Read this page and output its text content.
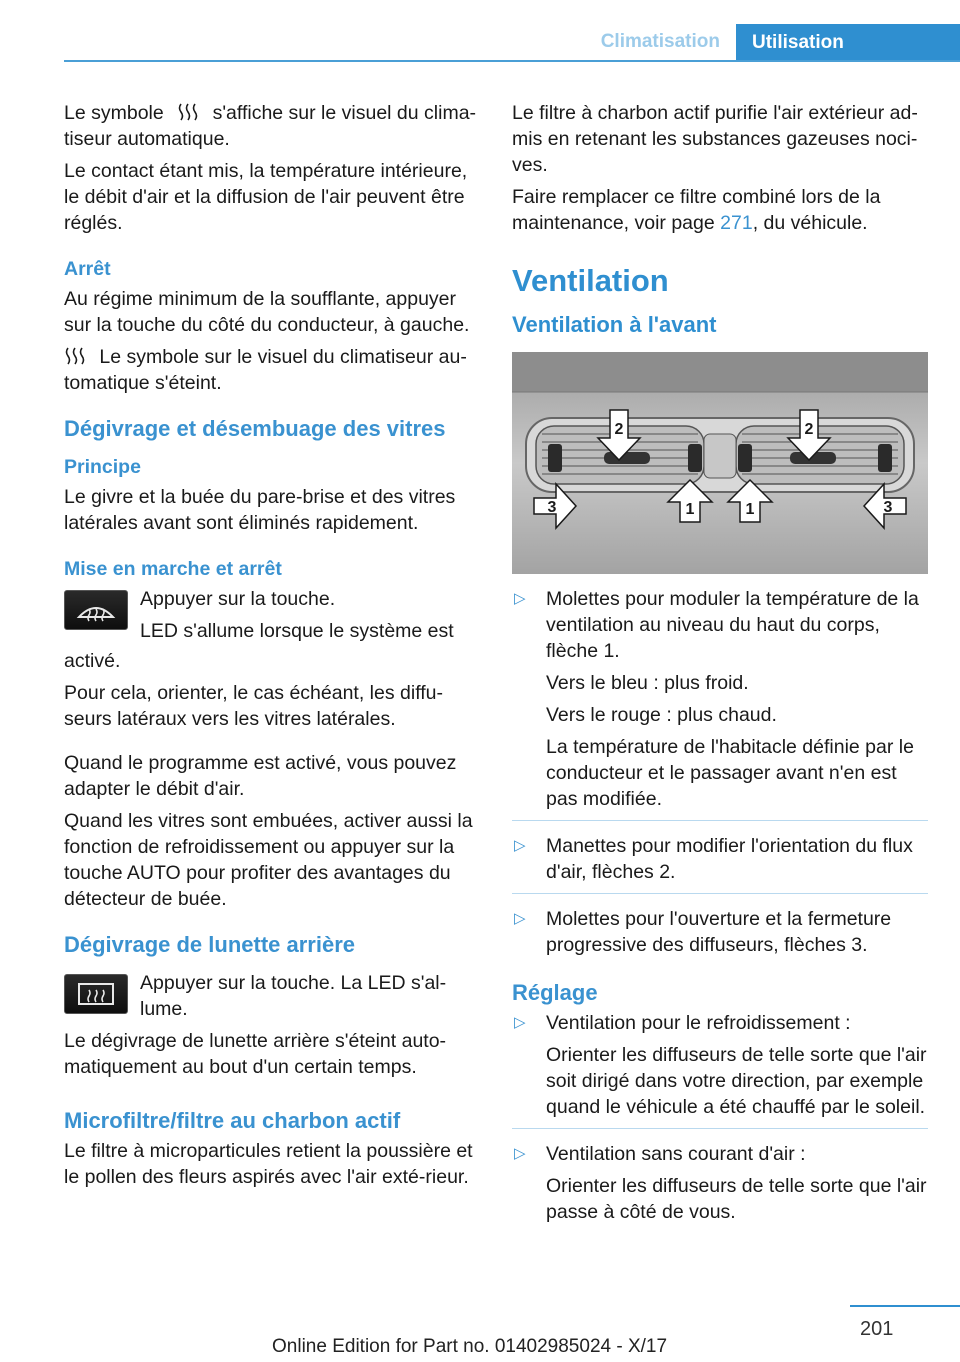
Climatisation	Utilisation

Le symbole	s'affiche sur le visuel du clima-tiseur automatique.

Le contact étant mis, la température intérieure, le débit d'air et la diffusion de l'air peuvent être réglés.

Arrêt

Au régime minimum de la soufflante, appuyer sur la touche du côté du conducteur, à gauche.

Le symbole sur le visuel du climatiseur au-tomatique s'éteint.

Dégivrage et désembuage des vitres
Principe

Le givre et la buée du pare-brise et des vitres latérales avant sont éliminés rapidement.

Mise en marche et arrêt

Appuyer sur la touche.

LED s'allume lorsque le système est

activé.

Pour cela, orienter, le cas échéant, les diffu-seurs latéraux vers les vitres latérales.

Quand le programme est activé, vous pouvez adapter le débit d'air.

Quand les vitres sont embuées, activer aussi la fonction de refroidissement ou appuyer sur la touche AUTO pour profiter des avantages du détecteur de buée.

Dégivrage de lunette arrière

Appuyer sur la touche. La LED s'al-lume.

Le dégivrage de lunette arrière s'éteint auto-matiquement au bout d'un certain temps.

Microfiltre/filtre au charbon actif

Le filtre à microparticules retient la poussière et le pollen des fleurs aspirés avec l'air exté-rieur.

Le filtre à charbon actif purifie l'air extérieur ad-mis en retenant les substances gazeuses noci-ves.

Faire remplacer ce filtre combiné lors de la maintenance, voir page 271, du véhicule.

Ventilation
Ventilation à l'avant
2	2
3	1	1	3
▷ Molettes pour moduler la température de la ventilation au niveau du haut du corps, flèche 1.

Vers le bleu : plus froid.

Vers le rouge : plus chaud.

La température de l'habitacle définie par le conducteur et le passager avant n'en est pas modifiée.

▷ Manettes pour modifier l'orientation du flux d'air, flèches 2.

▷ Molettes pour l'ouverture et la fermeture progressive des diffuseurs, flèches 3.

Réglage
▷ Ventilation pour le refroidissement :

Orienter les diffuseurs de telle sorte que l'air soit dirigé dans votre direction, par exemple quand le véhicule a été chauffé par le soleil.

▷ Ventilation sans courant d'air :

Orienter les diffuseurs de telle sorte que l'air passe à côté de vous.

201
Online Edition for Part no. 01402985024 - X/17
